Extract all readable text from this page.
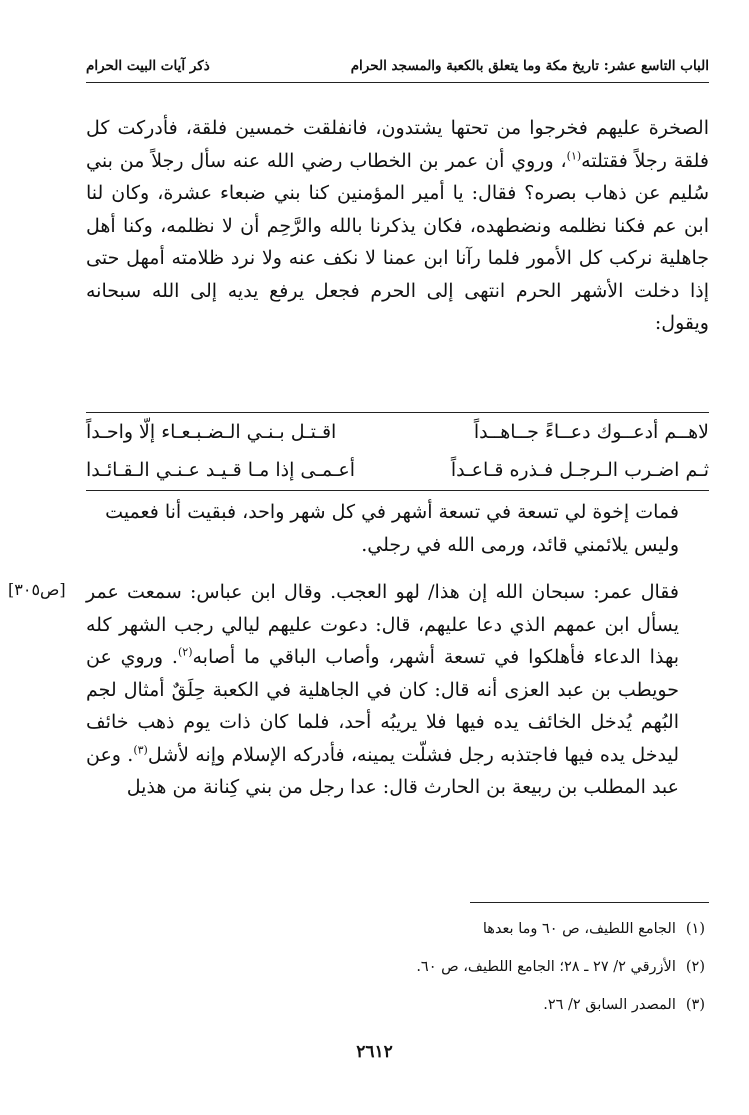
الباب التاسع عشر: تاريخ مكة وما يتعلق بالكعبة والمسجد الحرام
ذكر آيات البيت الحرام

الصخرة عليهم فخرجوا من تحتها يشتدون، فانفلقت خمسين فلقة، فأدركت كل فلقة رجلاً فقتلته$^{(١)}$، وروي أن عمر بن الخطاب رضي الله عنه سأل رجلاً من بني سُليم عن ذهاب بصره؟ فقال: يا أمير المؤمنين كنا بني ضبعاء عشرة، وكان لنا ابن عم فكنا نظلمه ونضطهده، فكان يذكرنا بالله والرَّحِم أن لا نظلمه، وكنا أهل جاهلية نركب كل الأمور فلما رآنا ابن عمنا لا نكف عنه ولا نرد ظلامته أمهل حتى إذا دخلت الأشهر الحرم انتهى إلى الحرم فجعل يرفع يديه إلى الله سبحانه ويقول:

لاهــم أدعــوك دعــاءً جــاهــداً
اقـتـل بـنـي الـضـبـعـاء إلّا واحـداً
ثـم اضـرب الـرجـل فـذره قـاعـداً
أعـمـى إذا مـا قـيـد عـنـي الـقـائـدا

فمات إخوة لي تسعة في تسعة أشهر في كل شهر واحد، فبقيت أنا فعميت وليس يلائمني قائد، ورمى الله في رجلي.

[ص٣٠٥]	فقال عمر: سبحان الله إن هذا/ لهو العجب. وقال ابن عباس: سمعت عمر يسأل ابن عمهم الذي دعا عليهم، قال: دعوت عليهم ليالي رجب الشهر كله بهذا الدعاء فأهلكوا في تسعة أشهر، وأصاب الباقي ما أصابه$^{(٢)}$. وروي عن حويطب بن عبد العزى أنه قال: كان في الجاهلية في الكعبة حِلَقٌ أمثال لجم البُهم يُدخل الخائف يده فيها فلا يريبُه أحد، فلما كان ذات يوم ذهب خائف ليدخل يده فيها فاجتذبه رجل فشلّت يمينه، فأدركه الإسلام وإنه لأشل$^{(٣)}$. وعن عبد المطلب بن ربيعة بن الحارث قال: عدا رجل من بني كِنانة من هذيل

(١)
الجامع اللطيف، ص ٦٠ وما بعدها
(٢)
الأزرقي ٢/ ٢٧ ـ ٢٨؛ الجامع اللطيف، ص ٦٠.
(٣)
المصدر السابق ٢/ ٢٦.
٢٦١٢
